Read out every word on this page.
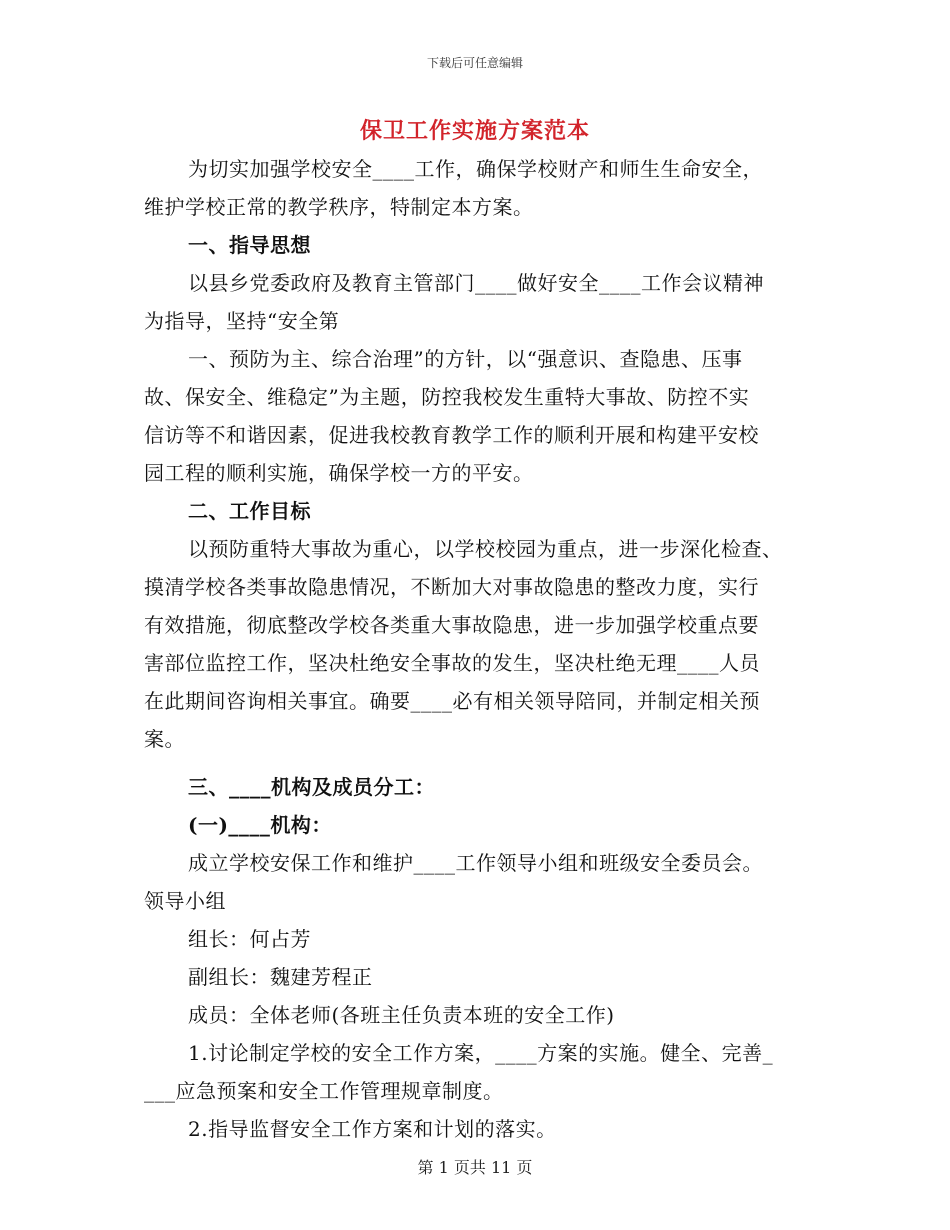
下载后可任意编辑
保卫工作实施方案范本
为切实加强学校安全____工作，确保学校财产和师生生命安全，
维护学校正常的教学秩序，特制定本方案。
一、指导思想
以县乡党委政府及教育主管部门____做好安全____工作会议精神
为指导，坚持“安全第
一、预防为主、综合治理”的方针，以“强意识、查隐患、压事
故、保安全、维稳定”为主题，防控我校发生重特大事故、防控不实
信访等不和谐因素，促进我校教育教学工作的顺利开展和构建平安校
园工程的顺利实施，确保学校一方的平安。
二、工作目标
以预防重特大事故为重心，以学校校园为重点，进一步深化检查、
摸清学校各类事故隐患情况，不断加大对事故隐患的整改力度，实行
有效措施，彻底整改学校各类重大事故隐患，进一步加强学校重点要
害部位监控工作，坚决杜绝安全事故的发生，坚决杜绝无理____人员
在此期间咨询相关事宜。确要____必有相关领导陪同，并制定相关预
案。
三、____机构及成员分工：
(一)____机构：
成立学校安保工作和维护____工作领导小组和班级安全委员会。
领导小组
组长：何占芳
副组长：魏建芳程正
成员：全体老师(各班主任负责本班的安全工作)
1.讨论制定学校的安全工作方案，____方案的实施。健全、完善_
___应急预案和安全工作管理规章制度。
2.指导监督安全工作方案和计划的落实。
第 1 页共 11 页
